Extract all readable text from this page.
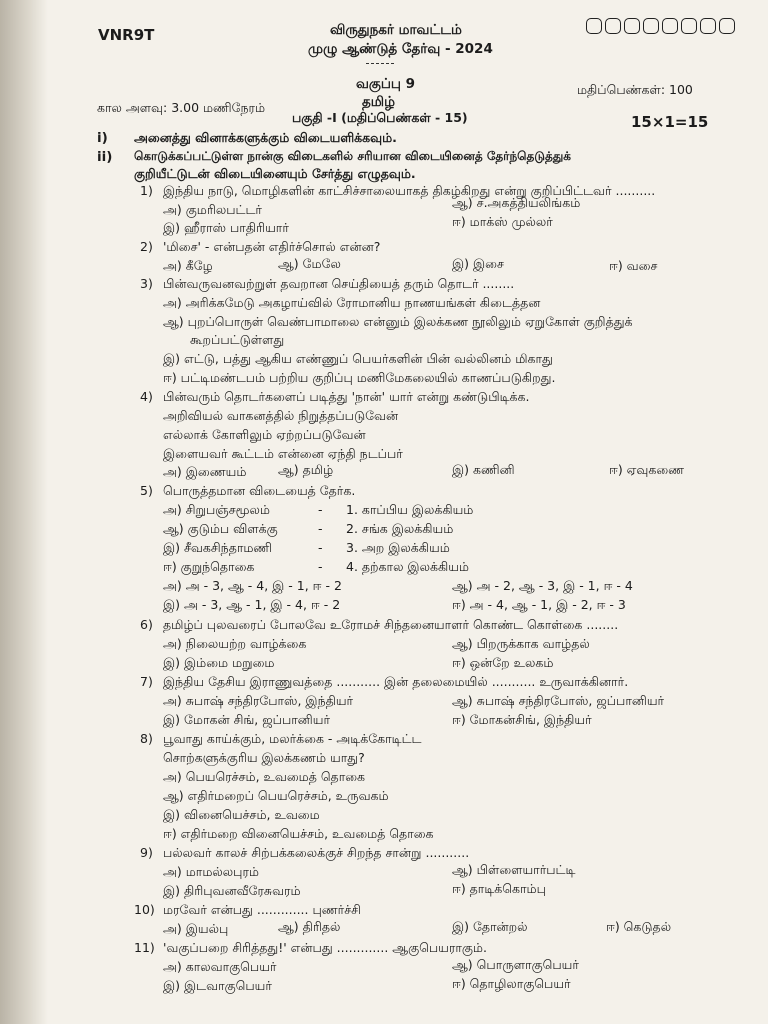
VNR9T	விருதுநகர் மாவட்டம்
முழு ஆண்டுத் தேர்வு - 2024
வகுப்பு 9	மதிப்பெண்கள்: 100
தமிழ்
கால அளவு: 3.00 மணிநேரம்
பகுதி -I (மதிப்பெண்கள் - 15)	15×1=15
i) அனைத்து வினாக்களுக்கும் விடையளிக்கவும்.
ii) கொடுக்கப்பட்டுள்ள நான்கு விடைகளில் சரியான விடையினைத் தேர்ந்தெடுத்துக்
குறியீட்டுடன் விடையினையும் சேர்த்து எழுதவும்.
1) இந்திய நாடு, மொழிகளின் காட்சிச்சாலையாகத் திகழ்கிறது என்று குறிப்பிட்டவர் ..........
அ) குமரிலபட்டர்	ஆ) ச.அகத்தியலிங்கம்
இ) ஹீராஸ் பாதிரியார்	ஈ) மாக்ஸ் முல்லர்
2) 'மிசை' - என்பதன் எதிர்ச்சொல் என்ன?
அ) கீழே	ஆ) மேலே	இ) இசை	ஈ) வசை
3) பின்வருவனவற்றுள் தவறான செய்தியைத் தரும் தொடர் ........
அ) அரிக்கமேடு அகழாய்வில் ரோமானிய நாணயங்கள் கிடைத்தன
ஆ) புறப்பொருள் வெண்பாமாலை என்னும் இலக்கண நூலிலும் ஏறுகோள் குறித்துக்
கூறப்பட்டுள்ளது
இ) எட்டு, பத்து ஆகிய எண்ணுப் பெயர்களின் பின் வல்லினம் மிகாது
ஈ) பட்டிமண்டபம் பற்றிய குறிப்பு மணிமேகலையில் காணப்படுகிறது.
4) பின்வரும் தொடர்களைப் படித்து 'நான்' யார் என்று கண்டுபிடிக்க.
அறிவியல் வாகனத்தில் நிறுத்தப்படுவேன்
எல்லாக் கோளிலும் ஏற்றப்படுவேன்
இளையவர் கூட்டம் என்னை ஏந்தி நடப்பர்
அ) இணையம்	ஆ) தமிழ்	இ) கணினி	ஈ) ஏவுகணை
5) பொருத்தமான விடையைத் தேர்க.
அ) சிறுபஞ்சமூலம்	- 1. காப்பிய இலக்கியம்
ஆ) குடும்ப விளக்கு	- 2. சங்க இலக்கியம்
இ) சீவகசிந்தாமணி	- 3. அற இலக்கியம்
ஈ) குறுந்தொகை	- 4. தற்கால இலக்கியம்
அ) அ - 3, ஆ - 4, இ - 1, ஈ - 2	ஆ) அ - 2, ஆ - 3, இ - 1, ஈ - 4
இ) அ - 3, ஆ - 1, இ - 4, ஈ - 2	ஈ) அ - 4, ஆ - 1, இ - 2, ஈ - 3
6) தமிழ்ப் புலவரைப் போலவே உரோமச் சிந்தனையாளர் கொண்ட கொள்கை ........
அ) நிலையற்ற வாழ்க்கை	ஆ) பிறருக்காக வாழ்தல்
இ) இம்மை மறுமை	ஈ) ஒன்றே உலகம்
7) இந்திய தேசிய இராணுவத்தை ........... இன் தலைமையில் ........... உருவாக்கினார்.
அ) சுபாஷ் சந்திரபோஸ், இந்தியர்	ஆ) சுபாஷ் சந்திரபோஸ், ஜப்பானியர்
இ) மோகன் சிங், ஜப்பானியர்	ஈ) மோகன்சிங், இந்தியர்
8) பூவாது காய்க்கும், மலர்க்கை - அடிக்கோடிட்ட
சொற்களுக்குரிய இலக்கணம் யாது?
அ) பெயரெச்சம், உவமைத் தொகை
ஆ) எதிர்மறைப் பெயரெச்சம், உருவகம்
இ) வினையெச்சம், உவமை
ஈ) எதிர்மறை வினையெச்சம், உவமைத் தொகை
9) பல்லவர் காலச் சிற்பக்கலைக்குச் சிறந்த சான்று ...........
அ) மாமல்லபுரம்	ஆ) பிள்ளையார்பட்டி
இ) திரிபுவனவீரேசுவரம்	ஈ) தாடிக்கொம்பு
10) மரவேர் என்பது ............. புணர்ச்சி
அ) இயல்பு	ஆ) திரிதல்	இ) தோன்றல்	ஈ) கெடுதல்
11) 'வகுப்பறை சிரித்தது!' என்பது ............. ஆகுபெயராகும்.
அ) காலவாகுபெயர்	ஆ) பொருளாகுபெயர்
இ) இடவாகுபெயர்	ஈ) தொழிலாகுபெயர்
